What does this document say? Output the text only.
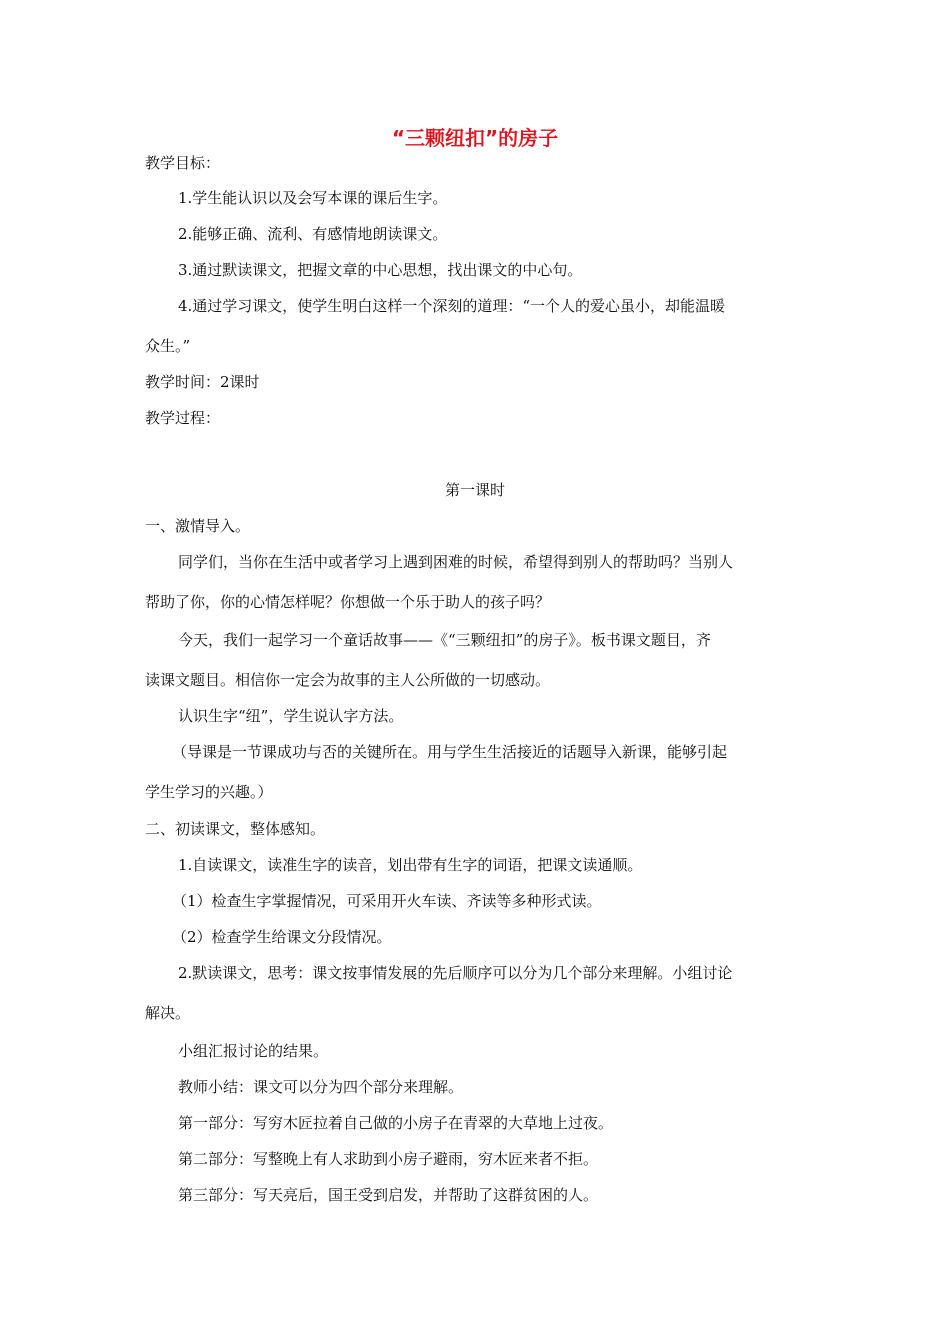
“三颗纽扣”的房子
教学目标：
1.学生能认识以及会写本课的课后生字。
2.能够正确、流利、有感情地朗读课文。
3.通过默读课文，把握文章的中心思想，找出课文的中心句。
4.通过学习课文，使学生明白这样一个深刻的道理：“一个人的爱心虽小，却能温暖
众生。”
教学时间：2课时
教学过程：
第一课时
一、激情导入。
同学们，当你在生活中或者学习上遇到困难的时候，希望得到别人的帮助吗？当别人
帮助了你，你的心情怎样呢？你想做一个乐于助人的孩子吗？
今天，我们一起学习一个童话故事——《“三颗纽扣”的房子》。板书课文题目，齐
读课文题目。相信你一定会为故事的主人公所做的一切感动。
认识生字“纽”，学生说认字方法。
（导课是一节课成功与否的关键所在。用与学生生活接近的话题导入新课，能够引起
学生学习的兴趣。）
二、初读课文，整体感知。
1.自读课文，读准生字的读音，划出带有生字的词语，把课文读通顺。
（1）检查生字掌握情况，可采用开火车读、齐读等多种形式读。
（2）检查学生给课文分段情况。
2.默读课文，思考：课文按事情发展的先后顺序可以分为几个部分来理解。小组讨论
解决。
小组汇报讨论的结果。
教师小结：课文可以分为四个部分来理解。
第一部分：写穷木匠拉着自己做的小房子在青翠的大草地上过夜。
第二部分：写整晚上有人求助到小房子避雨，穷木匠来者不拒。
第三部分：写天亮后，国王受到启发，并帮助了这群贫困的人。
